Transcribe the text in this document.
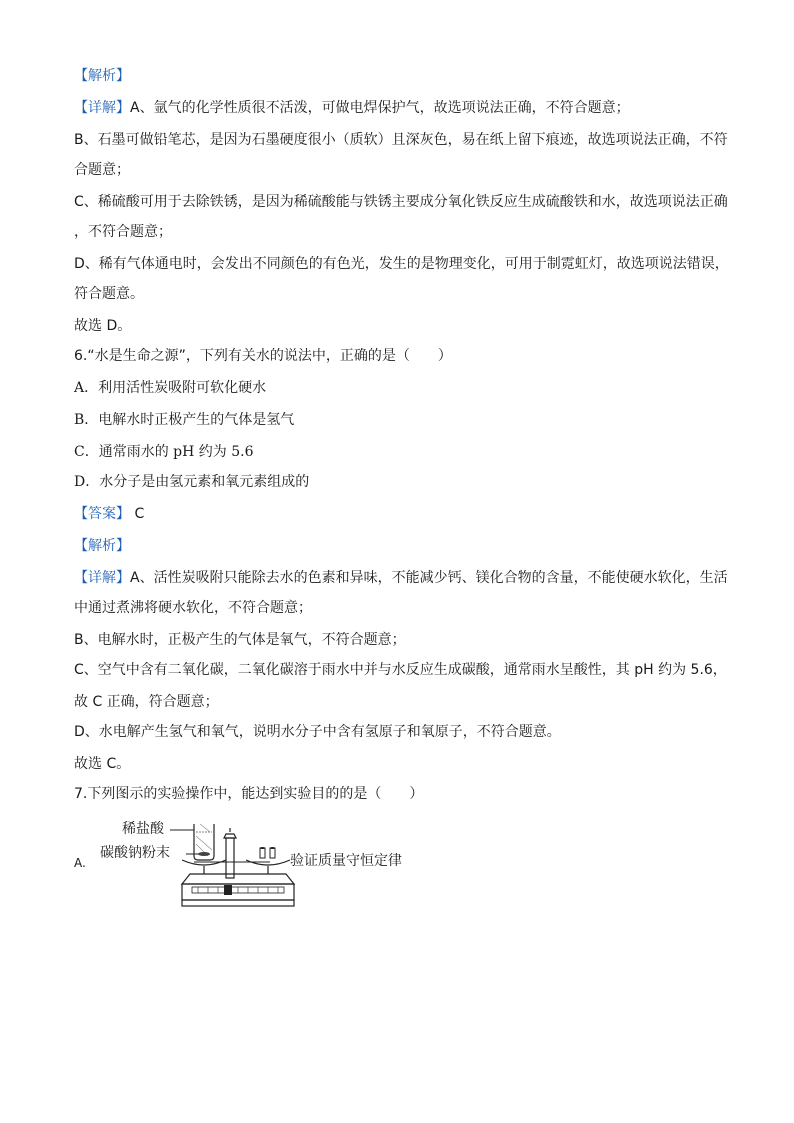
【解析】
【详解】A、氩气的化学性质很不活泼，可做电焊保护气，故选项说法正确，不符合题意；
B、石墨可做铅笔芯，是因为石墨硬度很小（质软）且深灰色，易在纸上留下痕迹，故选项说法正确，不符
合题意；
C、稀硫酸可用于去除铁锈，是因为稀硫酸能与铁锈主要成分氧化铁反应生成硫酸铁和水，故选项说法正确
，不符合题意；
D、稀有气体通电时，会发出不同颜色的有色光，发生的是物理变化，可用于制霓虹灯，故选项说法错误，
符合题意。
故选 D。
6.“水是生命之源”，下列有关水的说法中，正确的是（　　）
A．利用活性炭吸附可软化硬水
B．电解水时正极产生的气体是氢气
C．通常雨水的 pH 约为 5.6
D．水分子是由氢元素和氧元素组成的
【答案】 C
【解析】
【详解】A、活性炭吸附只能除去水的色素和异味，不能减少钙、镁化合物的含量，不能使硬水软化，生活
中通过煮沸将硬水软化，不符合题意；
B、电解水时，正极产生的气体是氧气，不符合题意；
C、空气中含有二氧化碳，二氧化碳溶于雨水中并与水反应生成碳酸，通常雨水呈酸性，其 pH 约为 5.6，
故 C 正确，符合题意；
D、水电解产生氢气和氧气，说明水分子中含有氢原子和氧原子，不符合题意。
故选 C。
7.下列图示的实验操作中，能达到实验目的的是（　　）
A.
稀盐酸
碳酸钠粉末	验证质量守恒定律
